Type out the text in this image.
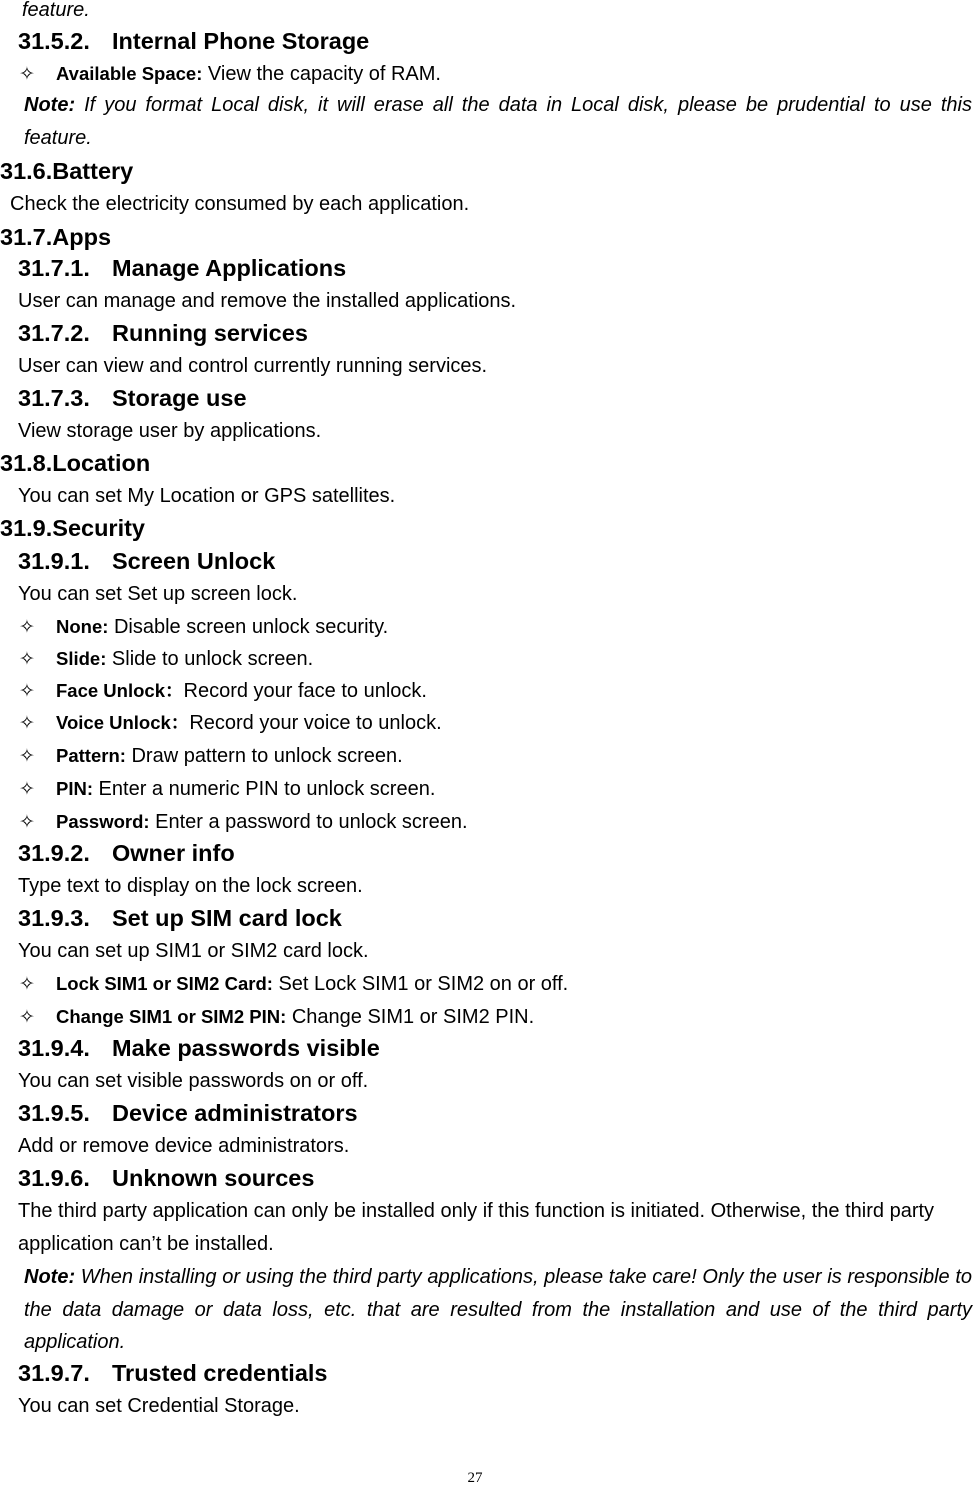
feature.
31.5.2. Internal Phone Storage
✧ Available Space: View the capacity of RAM.
Note: If you format Local disk, it will erase all the data in Local disk, please be prudential to use this feature.
31.6.Battery
Check the electricity consumed by each application.
31.7.Apps
31.7.1. Manage Applications
User can manage and remove the installed applications.
31.7.2. Running services
User can view and control currently running services.
31.7.3. Storage use
View storage user by applications.
31.8.Location
You can set My Location or GPS satellites.
31.9.Security
31.9.1. Screen Unlock
You can set Set up screen lock.
✧ None: Disable screen unlock security.
✧ Slide: Slide to unlock screen.
✧ Face Unlock：Record your face to unlock.
✧ Voice Unlock：Record your voice to unlock.
✧ Pattern: Draw pattern to unlock screen.
✧ PIN: Enter a numeric PIN to unlock screen.
✧ Password: Enter a password to unlock screen.
31.9.2. Owner info
Type text to display on the lock screen.
31.9.3. Set up SIM card lock
You can set up SIM1 or SIM2 card lock.
✧ Lock SIM1 or SIM2 Card: Set Lock SIM1 or SIM2 on or off.
✧ Change SIM1 or SIM2 PIN: Change SIM1 or SIM2 PIN.
31.9.4. Make passwords visible
You can set visible passwords on or off.
31.9.5. Device administrators
Add or remove device administrators.
31.9.6. Unknown sources
The third party application can only be installed only if this function is initiated. Otherwise, the third party application can’t be installed.
Note: When installing or using the third party applications, please take care! Only the user is responsible to the data damage or data loss, etc. that are resulted from the installation and use of the third party application.
31.9.7. Trusted credentials
You can set Credential Storage.
27
